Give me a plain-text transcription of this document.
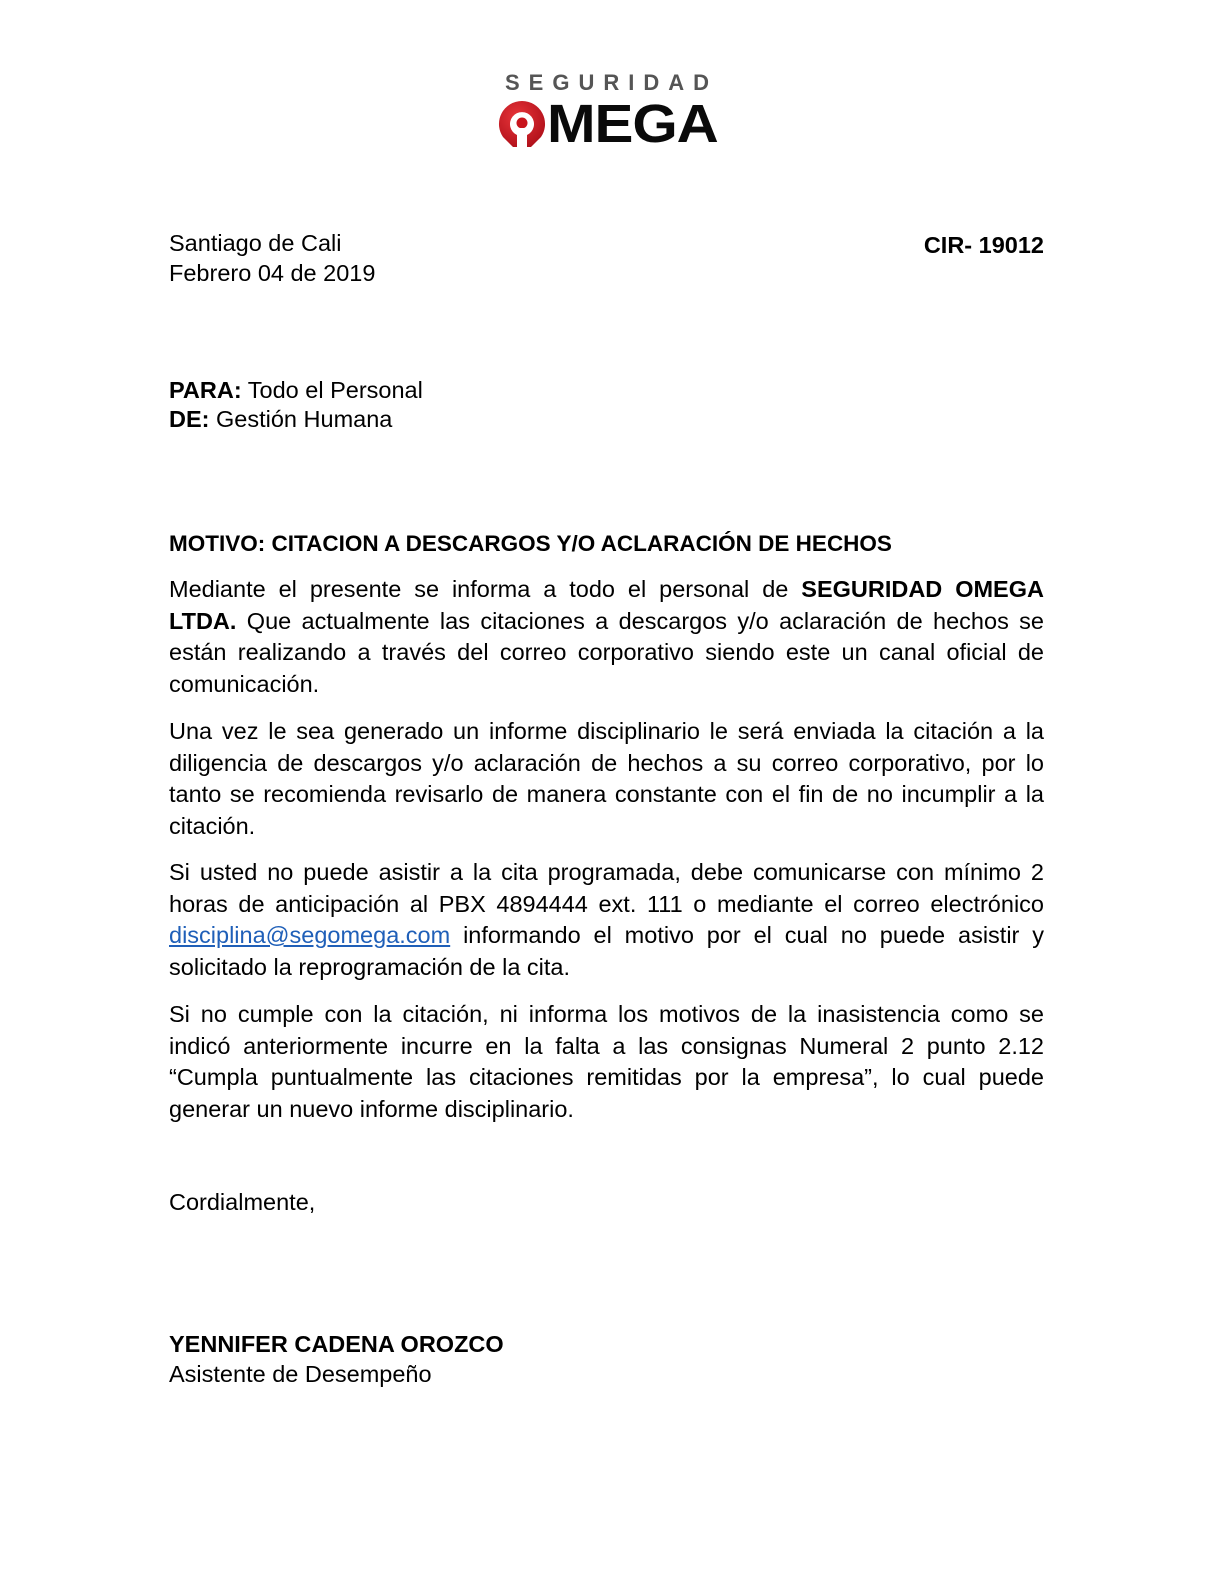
SEGURIDAD
MEGA
Santiago de Cali
Febrero 04 de 2019
CIR- 19012
PARA: Todo el Personal
DE: Gestión Humana
MOTIVO: CITACION A DESCARGOS Y/O ACLARACIÓN DE HECHOS
Mediante el presente se informa a todo el personal de SEGURIDAD OMEGA LTDA. Que actualmente las citaciones a descargos y/o aclaración de hechos se están realizando a través del correo corporativo siendo este un canal oficial de comunicación.
Una vez le sea generado un informe disciplinario le será enviada la citación a la diligencia de descargos y/o aclaración de hechos a su correo corporativo, por lo tanto se recomienda revisarlo de manera constante con el fin de no incumplir a la citación.
Si usted no puede asistir a la cita programada, debe comunicarse con mínimo 2 horas de anticipación al PBX 4894444 ext. 111 o mediante el correo electrónico disciplina@segomega.com informando el motivo por el cual no puede asistir y solicitado la reprogramación de la cita.
Si no cumple con la citación, ni informa los motivos de la inasistencia como se indicó anteriormente incurre en la falta a las consignas Numeral 2 punto 2.12 “Cumpla puntualmente las citaciones remitidas por la empresa”, lo cual puede generar un nuevo informe disciplinario.
Cordialmente,
YENNIFER CADENA OROZCO
Asistente de Desempeño
